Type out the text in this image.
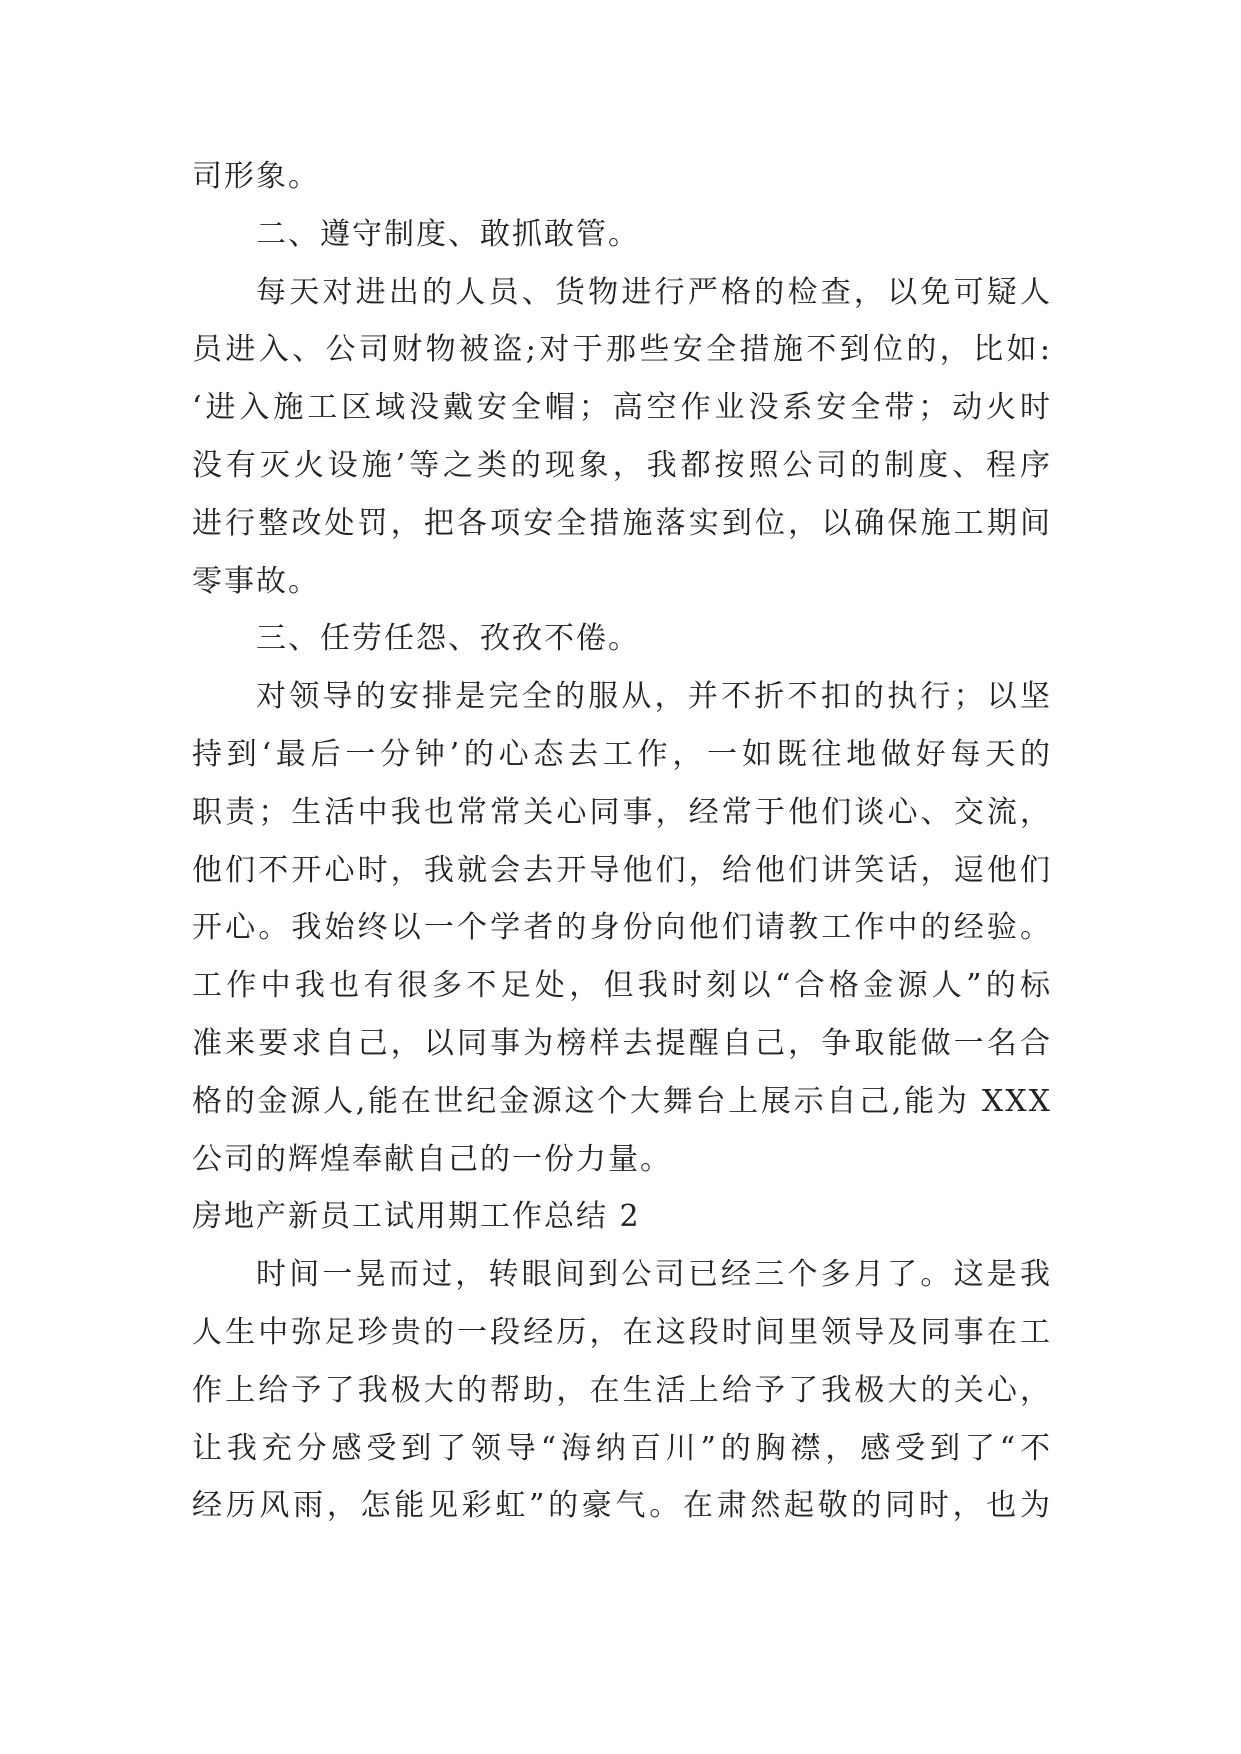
司形象。
二、遵守制度、敢抓敢管。
每天对进出的人员、货物进行严格的检查，以免可疑人
员进入、公司财物被盗;对于那些安全措施不到位的，比如:
‘进入施工区域没戴安全帽；高空作业没系安全带；动火时
没有灭火设施’等之类的现象，我都按照公司的制度、程序
进行整改处罚，把各项安全措施落实到位，以确保施工期间
零事故。
三、任劳任怨、孜孜不倦。
对领导的安排是完全的服从，并不折不扣的执行；以坚
持到‘最后一分钟’的心态去工作，一如既往地做好每天的
职责；生活中我也常常关心同事，经常于他们谈心、交流，
他们不开心时，我就会去开导他们，给他们讲笑话，逗他们
开心。我始终以一个学者的身份向他们请教工作中的经验。
工作中我也有很多不足处，但我时刻以“合格金源人”的标
准来要求自己，以同事为榜样去提醒自己，争取能做一名合
格的金源人,能在世纪金源这个大舞台上展示自己,能为 XXX
公司的辉煌奉献自己的一份力量。
房地产新员工试用期工作总结 2
时间一晃而过，转眼间到公司已经三个多月了。这是我
人生中弥足珍贵的一段经历，在这段时间里领导及同事在工
作上给予了我极大的帮助，在生活上给予了我极大的关心，
让我充分感受到了领导“海纳百川”的胸襟，感受到了“不
经历风雨，怎能见彩虹”的豪气。在肃然起敬的同时，也为
